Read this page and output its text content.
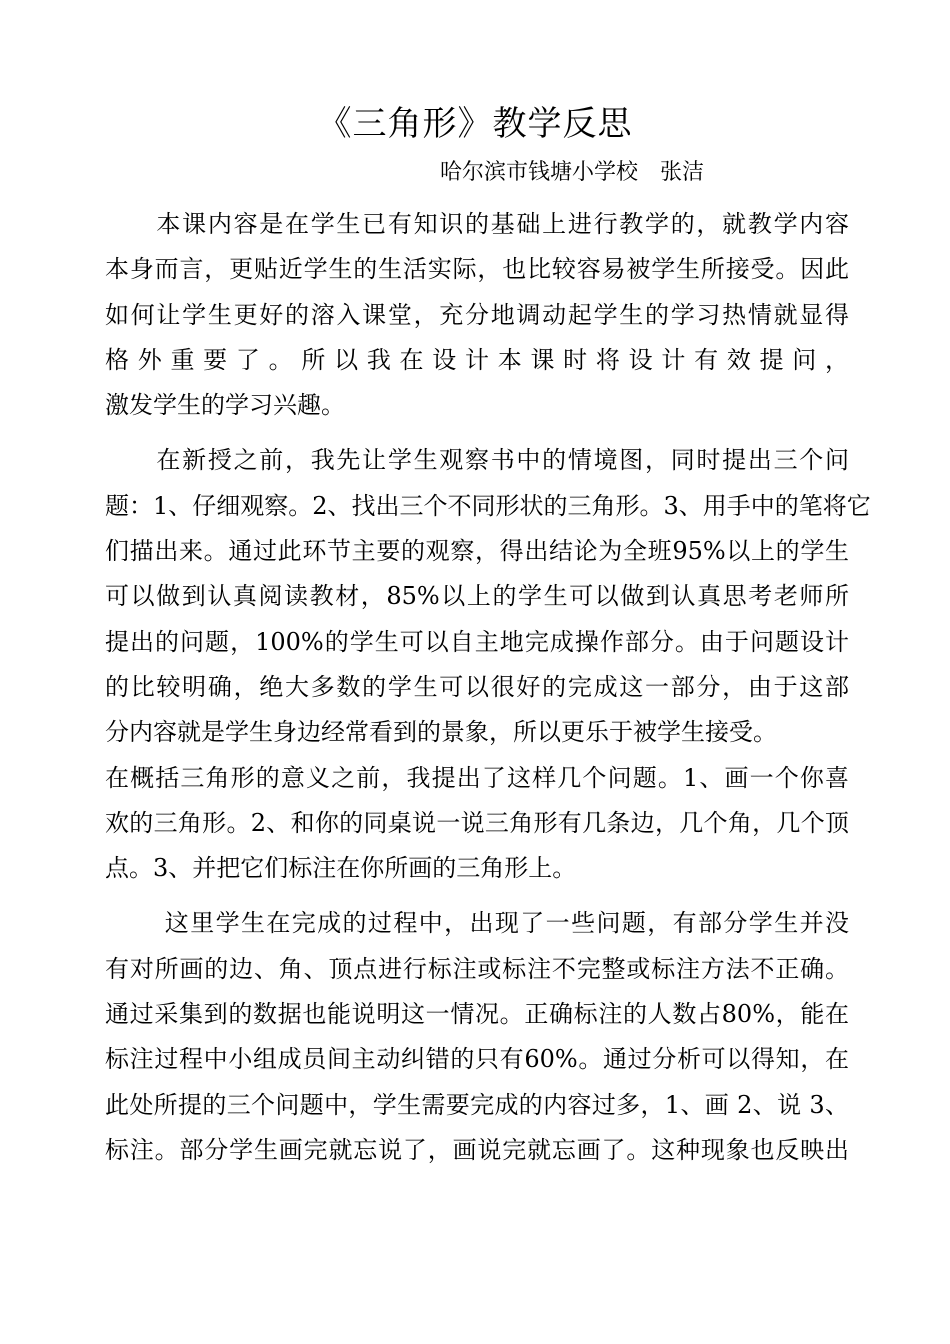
《三角形》教学反思

哈尔滨市钱塘小学校　张洁

　　本课内容是在学生已有知识的基础上进行教学的，就教学内容
本身而言，更贴近学生的生活实际，也比较容易被学生所接受。因此
如何让学生更好的溶入课堂，充分地调动起学生的学习热情就显得
格外重要了。所以我在设计本课时将设计有效提问，
激发学生的学习兴趣。
　　在新授之前，我先让学生观察书中的情境图，同时提出三个问
题：1、仔细观察。2、找出三个不同形状的三角形。3、用手中的笔将它
们描出来。通过此环节主要的观察，得出结论为全班95%以上的学生
可以做到认真阅读教材，85%以上的学生可以做到认真思考老师所
提出的问题，100%的学生可以自主地完成操作部分。由于问题设计
的比较明确，绝大多数的学生可以很好的完成这一部分，由于这部
分内容就是学生身边经常看到的景象，所以更乐于被学生接受。
在概括三角形的意义之前，我提出了这样几个问题。1、画一个你喜
欢的三角形。2、和你的同桌说一说三角形有几条边，几个角，几个顶
点。3、并把它们标注在你所画的三角形上。
　　 这里学生在完成的过程中，出现了一些问题，有部分学生并没
有对所画的边、角、顶点进行标注或标注不完整或标注方法不正确。
通过采集到的数据也能说明这一情况。正确标注的人数占80%，能在
标注过程中小组成员间主动纠错的只有60%。通过分析可以得知，在
此处所提的三个问题中，学生需要完成的内容过多，1、画 2、说 3、
标注。部分学生画完就忘说了，画说完就忘画了。这种现象也反映出
